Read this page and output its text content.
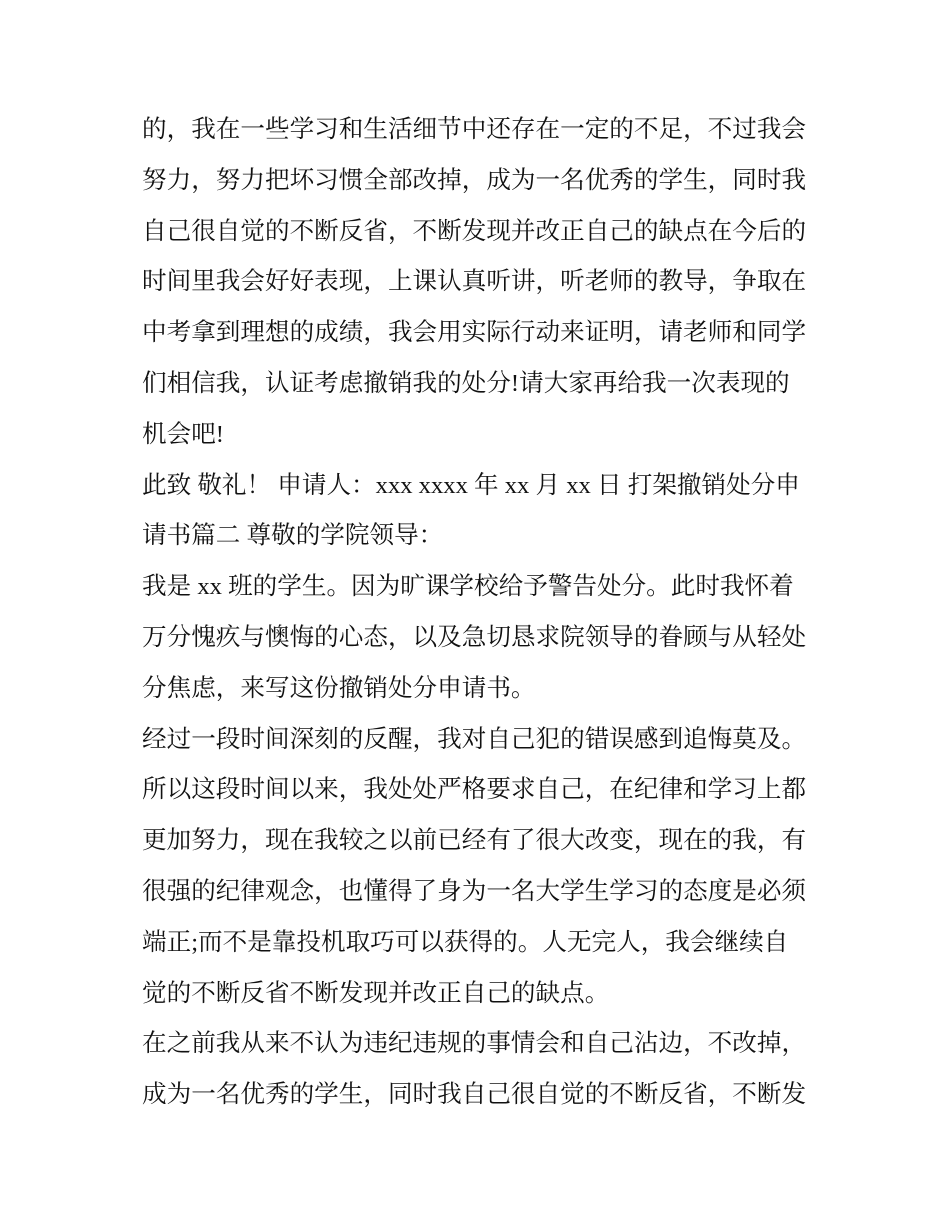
的，我在一些学习和生活细节中还存在一定的不足，不过我会
努力，努力把坏习惯全部改掉，成为一名优秀的学生，同时我
自己很自觉的不断反省，不断发现并改正自己的缺点在今后的
时间里我会好好表现，上课认真听讲，听老师的教导，争取在
中考拿到理想的成绩，我会用实际行动来证明，请老师和同学
们相信我，认证考虑撤销我的处分!请大家再给我一次表现的
机会吧!
此致 敬礼！ 申请人：xxx xxxx 年 xx 月 xx 日 打架撤销处分申
请书篇二 尊敬的学院领导：
我是 xx 班的学生。因为旷课学校给予警告处分。此时我怀着
万分愧疚与懊悔的心态，以及急切恳求院领导的眷顾与从轻处
分焦虑，来写这份撤销处分申请书。
经过一段时间深刻的反醒，我对自己犯的错误感到追悔莫及。
所以这段时间以来，我处处严格要求自己，在纪律和学习上都
更加努力，现在我较之以前已经有了很大改变，现在的我，有
很强的纪律观念，也懂得了身为一名大学生学习的态度是必须
端正;而不是靠投机取巧可以获得的。人无完人，我会继续自
觉的不断反省不断发现并改正自己的缺点。
在之前我从来不认为违纪违规的事情会和自己沾边，不改掉，
成为一名优秀的学生，同时我自己很自觉的不断反省，不断发
